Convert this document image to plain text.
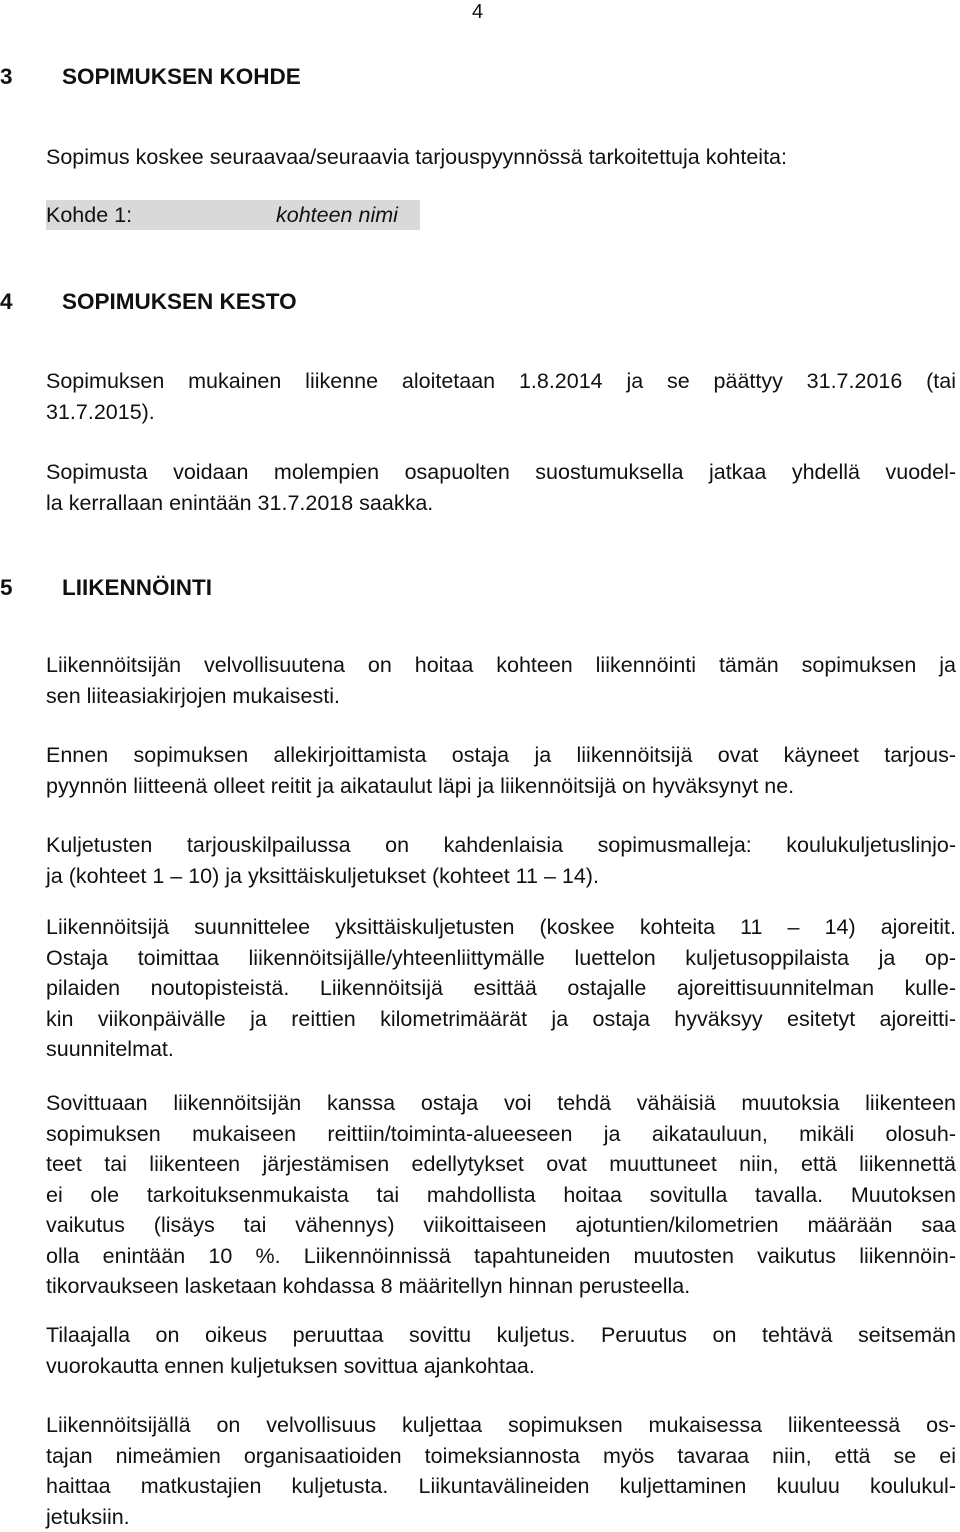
4
3 SOPIMUKSEN KOHDE
Sopimus koskee seuraavaa/seuraavia tarjouspyynnössä tarkoitettuja kohteita:
Kohde 1:	kohteen nimi
4 SOPIMUKSEN KESTO
Sopimuksen mukainen liikenne aloitetaan 1.8.2014 ja se päättyy 31.7.2016 (tai
31.7.2015).
Sopimusta voidaan molempien osapuolten suostumuksella jatkaa yhdellä vuodel-
la kerrallaan enintään 31.7.2018 saakka.
5 LIIKENNÖINTI
Liikennöitsijän velvollisuutena on hoitaa kohteen liikennöinti tämän sopimuksen ja
sen liiteasiakirjojen mukaisesti.
Ennen sopimuksen allekirjoittamista ostaja ja liikennöitsijä ovat käyneet tarjous-
pyynnön liitteenä olleet reitit ja aikataulut läpi ja liikennöitsijä on hyväksynyt ne.
Kuljetusten tarjouskilpailussa on kahdenlaisia sopimusmalleja: koulukuljetuslinjo-
ja (kohteet 1 – 10) ja yksittäiskuljetukset (kohteet 11 – 14).
Liikennöitsijä suunnittelee yksittäiskuljetusten (koskee kohteita 11 – 14) ajoreitit.
Ostaja toimittaa liikennöitsijälle/yhteenliittymälle luettelon kuljetusoppilaista ja op-
pilaiden noutopisteistä. Liikennöitsijä esittää ostajalle ajoreittisuunnitelman kulle-
kin viikonpäivälle ja reittien kilometrimäärät ja ostaja hyväksyy esitetyt ajoreitti-
suunnitelmat.
Sovittuaan liikennöitsijän kanssa ostaja voi tehdä vähäisiä muutoksia liikenteen
sopimuksen mukaiseen reittiin/toiminta-alueeseen ja aikatauluun, mikäli olosuh-
teet tai liikenteen järjestämisen edellytykset ovat muuttuneet niin, että liikennettä
ei ole tarkoituksenmukaista tai mahdollista hoitaa sovitulla tavalla. Muutoksen
vaikutus (lisäys tai vähennys) viikoittaiseen ajotuntien/kilometrien määrään saa
olla enintään 10 %. Liikennöinnissä tapahtuneiden muutosten vaikutus liikennöin-
tikorvaukseen lasketaan kohdassa 8 määritellyn hinnan perusteella.
Tilaajalla on oikeus peruuttaa sovittu kuljetus. Peruutus on tehtävä seitsemän
vuorokautta ennen kuljetuksen sovittua ajankohtaa.
Liikennöitsijällä on velvollisuus kuljettaa sopimuksen mukaisessa liikenteessä os-
tajan nimeämien organisaatioiden toimeksiannosta myös tavaraa niin, että se ei
haittaa matkustajien kuljetusta. Liikuntavälineiden kuljettaminen kuuluu koulukul-
jetuksiin.
